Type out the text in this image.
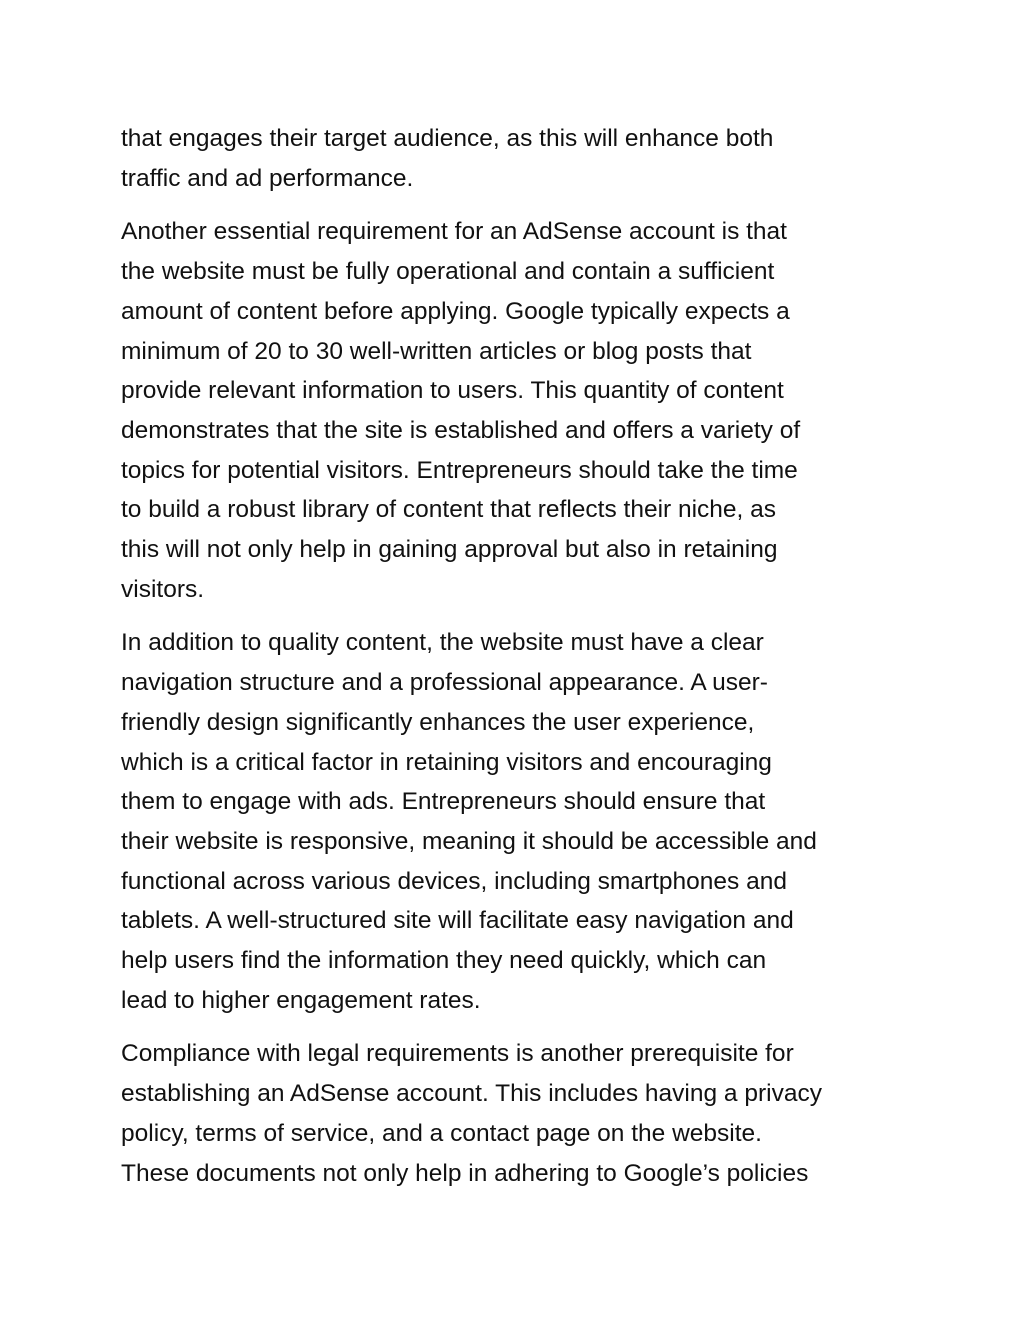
that engages their target audience, as this will enhance both
traffic and ad performance.

Another essential requirement for an AdSense account is that
the website must be fully operational and contain a sufficient
amount of content before applying. Google typically expects a
minimum of 20 to 30 well-written articles or blog posts that
provide relevant information to users. This quantity of content
demonstrates that the site is established and offers a variety of
topics for potential visitors. Entrepreneurs should take the time
to build a robust library of content that reflects their niche, as
this will not only help in gaining approval but also in retaining
visitors.

In addition to quality content, the website must have a clear
navigation structure and a professional appearance. A user-
friendly design significantly enhances the user experience,
which is a critical factor in retaining visitors and encouraging
them to engage with ads. Entrepreneurs should ensure that
their website is responsive, meaning it should be accessible and
functional across various devices, including smartphones and
tablets. A well-structured site will facilitate easy navigation and
help users find the information they need quickly, which can
lead to higher engagement rates.

Compliance with legal requirements is another prerequisite for
establishing an AdSense account. This includes having a privacy
policy, terms of service, and a contact page on the website.
These documents not only help in adhering to Google’s policies
